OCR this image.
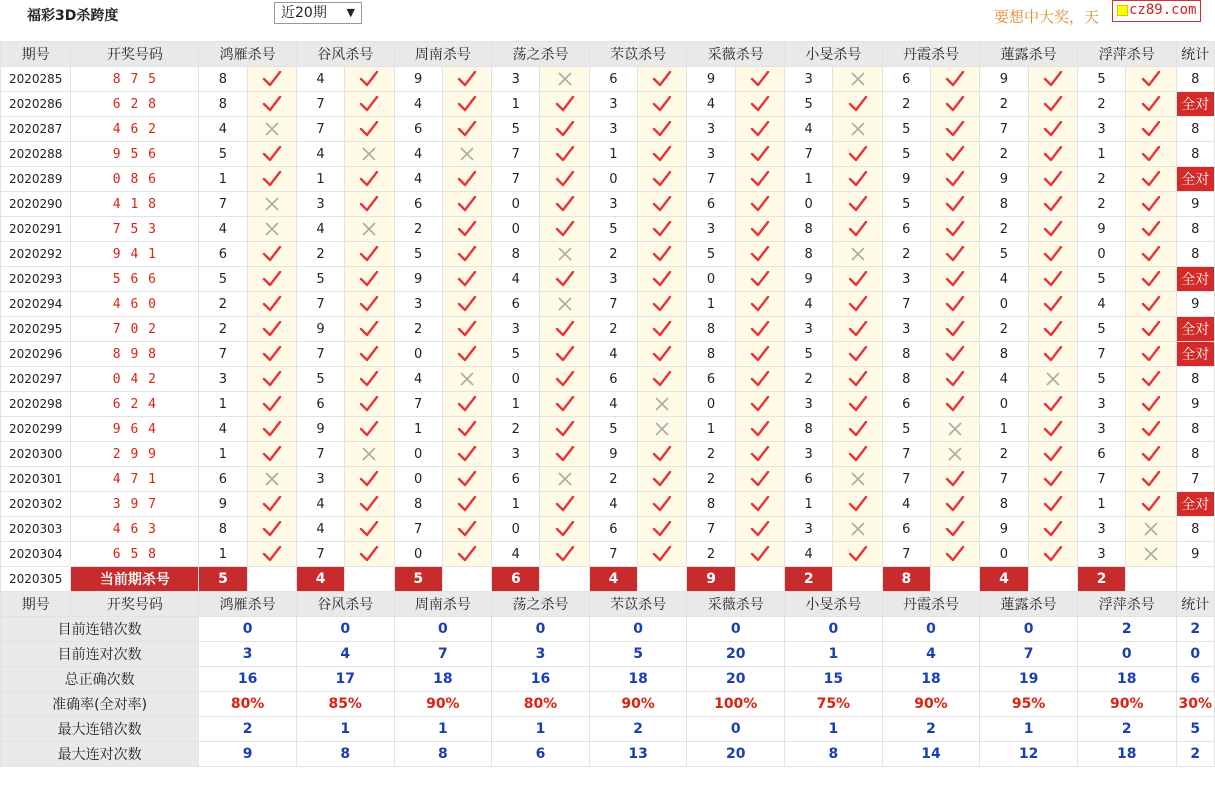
福彩3D杀跨度	近20期 ▼	要想中大奖，天	cz89.com
期号	开奖号码	鸿雁杀号		谷风杀号		周南杀号		荡之杀号		芣苡杀号		采薇杀号		小旻杀号		丹霞杀号		蓮露杀号		浮萍杀号		统计
2020285	8 7 5	8		4		9		3		6		9		3		6		9		5		8
2020286	6 2 8	8		7		4		1		3		4		5		2		2		2		全对
2020287	4 6 2	4		7		6		5		3		3		4		5		7		3		8
2020288	9 5 6	5		4		4		7		1		3		7		5		2		1		8
2020289	0 8 6	1		1		4		7		0		7		1		9		9		2		全对
2020290	4 1 8	7		3		6		0		3		6		0		5		8		2		9
2020291	7 5 3	4		4		2		0		5		3		8		6		2		9		8
2020292	9 4 1	6		2		5		8		2		5		8		2		5		0		8
2020293	5 6 6	5		5		9		4		3		0		9		3		4		5		全对
2020294	4 6 0	2		7		3		6		7		1		4		7		0		4		9
2020295	7 0 2	2		9		2		3		2		8		3		3		2		5		全对
2020296	8 9 8	7		7		0		5		4		8		5		8		8		7		全对
2020297	0 4 2	3		5		4		0		6		6		2		8		4		5		8
2020298	6 2 4	1		6		7		1		4		0		3		6		0		3		9
2020299	9 6 4	4		9		1		2		5		1		8		5		1		3		8
2020300	2 9 9	1		7		0		3		9		2		3		7		2		6		8
2020301	4 7 1	6		3		0		6		2		2		6		7		7		7		7
2020302	3 9 7	9		4		8		1		4		8		1		4		8		1		全对
2020303	4 6 3	8		4		7		0		6		7		3		6		9		3		8
2020304	6 5 8	1		7		0		4		7		2		4		7		0		3		9
2020305	当前期杀号	5		4		5		6		4		9		2		8		4		2		
期号	开奖号码	鸿雁杀号		谷风杀号		周南杀号		荡之杀号		芣苡杀号		采薇杀号		小旻杀号		丹霞杀号		蓮露杀号		浮萍杀号		统计
目前连错次数		0		0		0		0		0		0		0		0		0		2		2
目前连对次数		3		4		7		3		5		20		1		4		7		0		0
总正确次数		16		17		18		16		18		20		15		18		19		18		6
准确率(全对率)		80%		85%		90%		80%		90%		100%		75%		90%		95%		90%		30%
最大连错次数		2		1		1		1		2		0		1		2		1		2		5
最大连对次数		9		8		8		6		13		20		8		14		12		18		2
